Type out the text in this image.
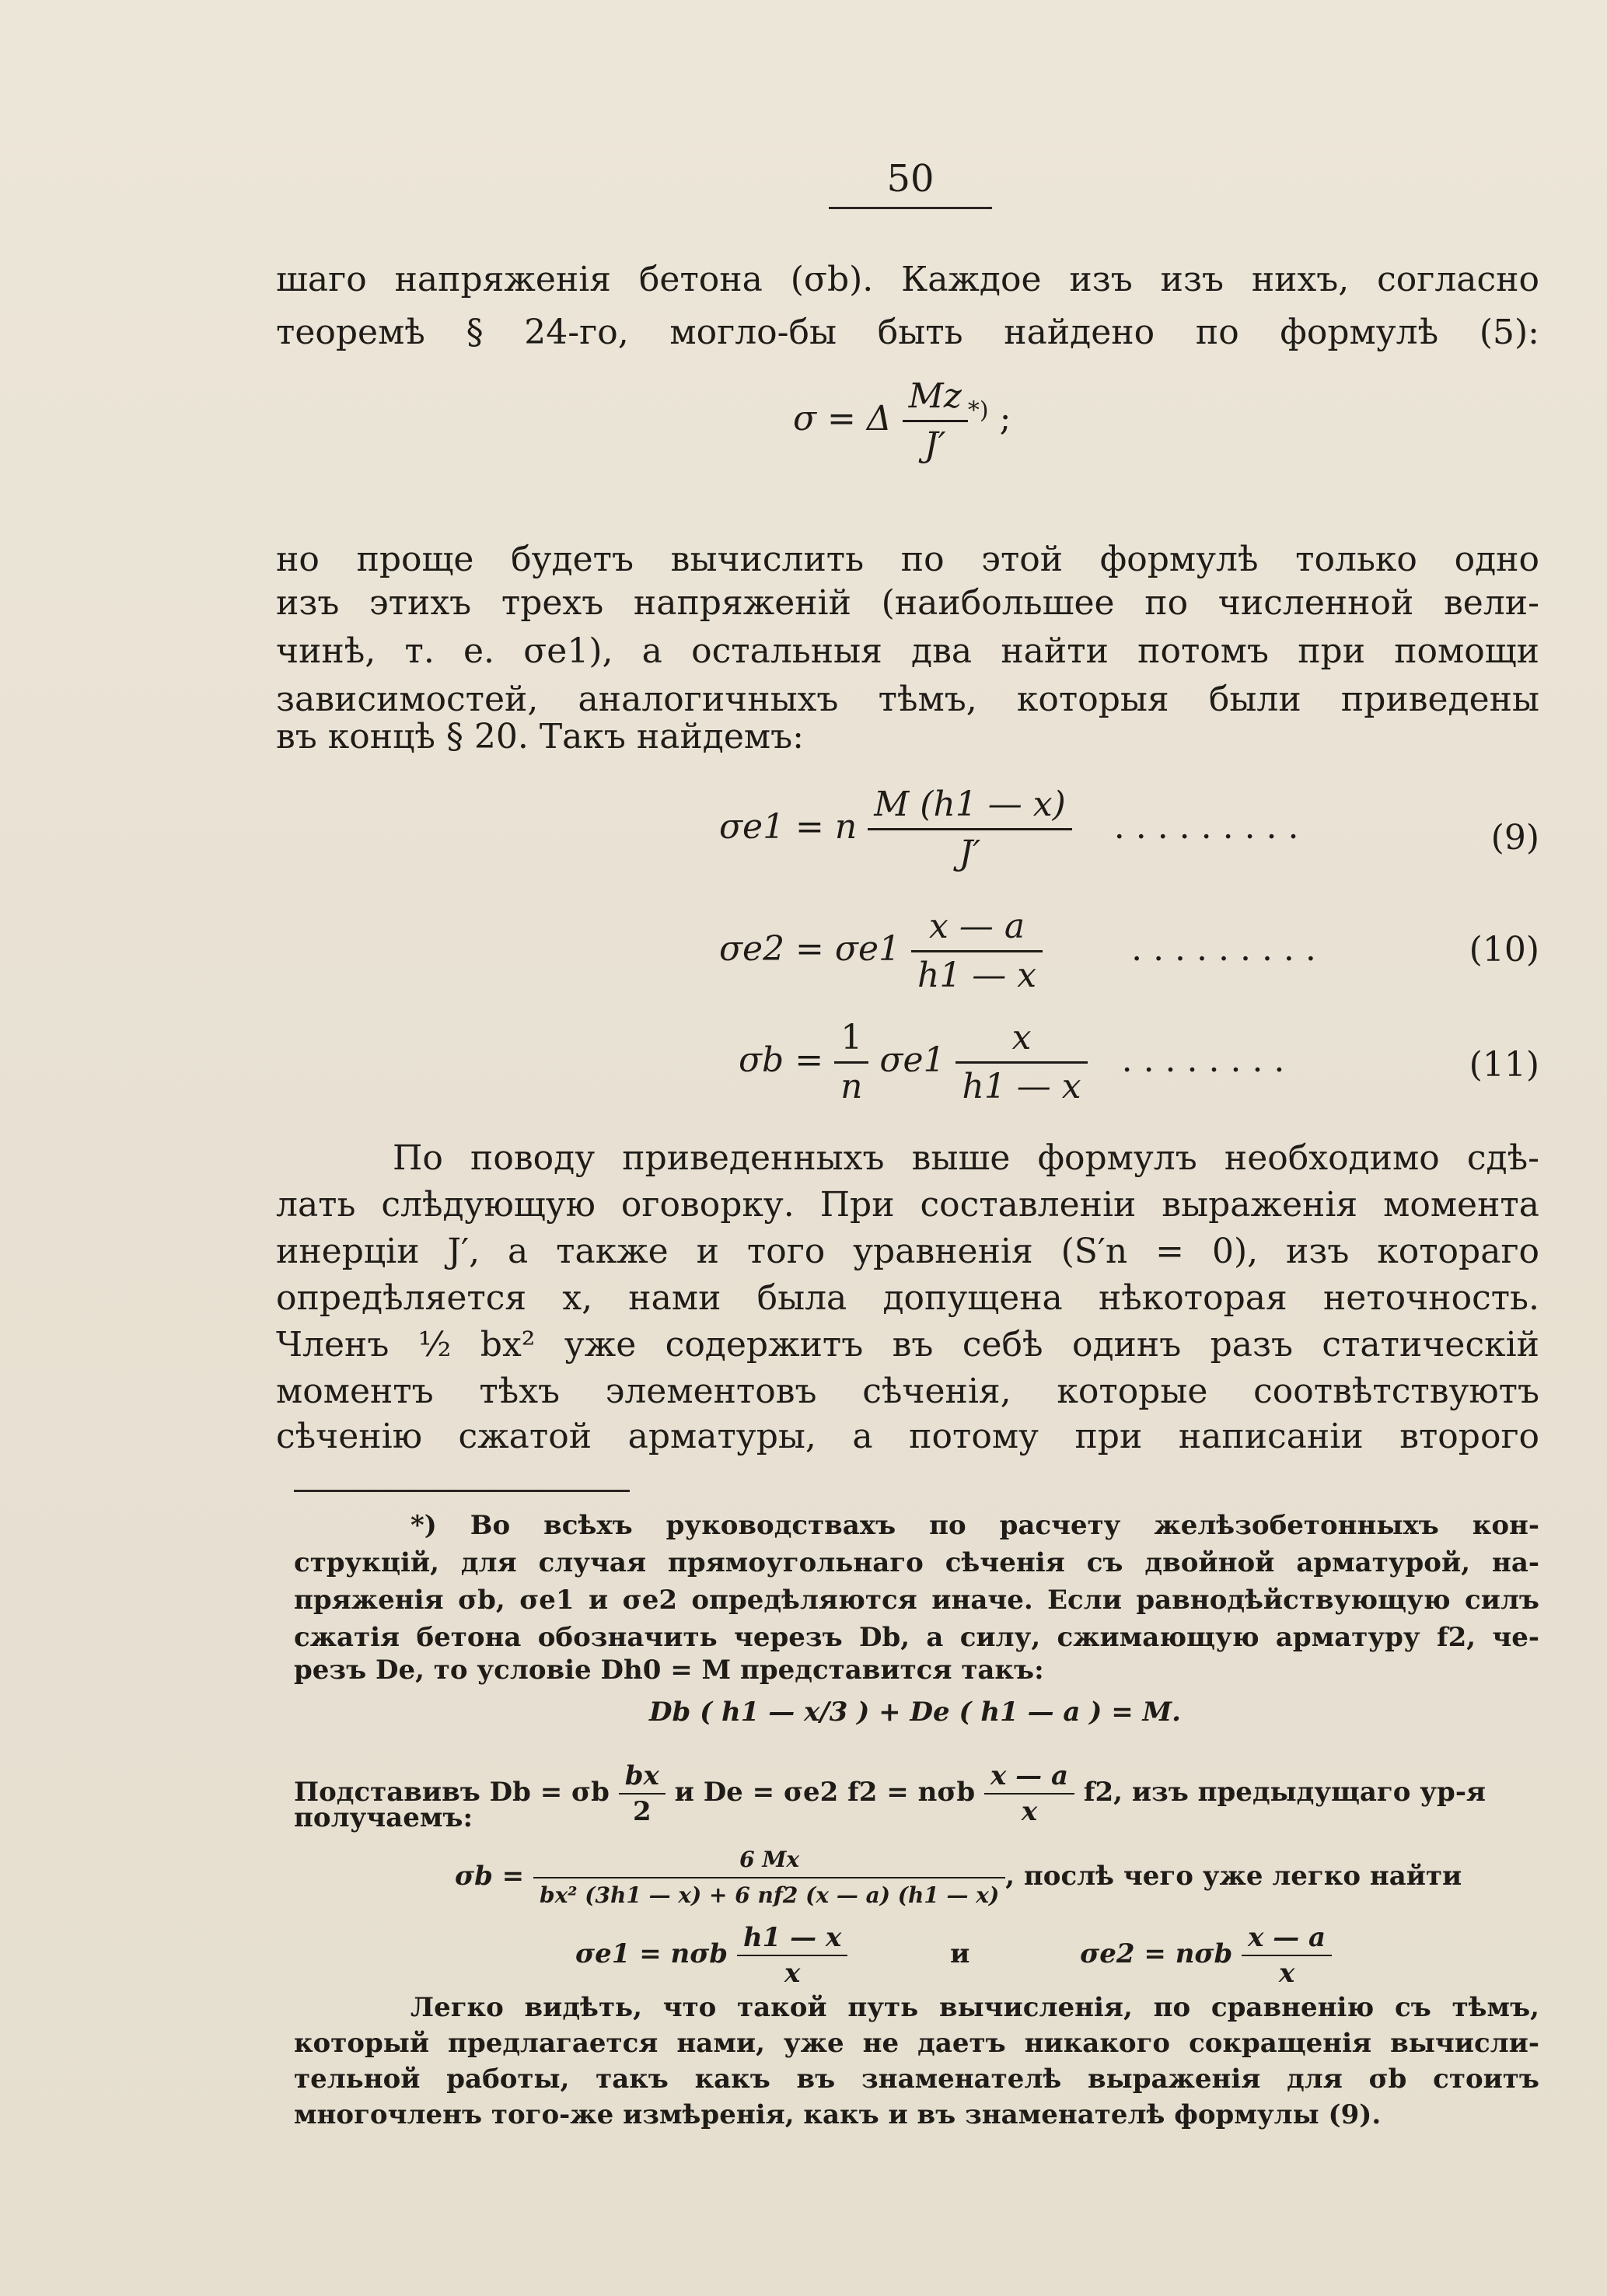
50
шаго напряженія бетона (σb). Каждое изъ изъ нихъ, согласно
теоремѣ § 24-го, могло-бы быть найдено по формулѣ (5):
σ = Δ $\frac{Mz}{J'} ^{*)}$ ;
но проще будетъ вычислить по этой формулѣ только одно
изъ этихъ трехъ напряженій (наибольшее по численной вели-
чинѣ, т. е. σe1), а остальныя два найти потомъ при помощи
зависимостей, аналогичныхъ тѣмъ, которыя были приведены
въ концѣ § 20. Такъ найдемъ:
σe1 = n $\frac{M (h1 — x)}{J'}$ . . . . . . . . .	(9)
$\sigma e2 = \sigma e1 \frac{x — a}{h1 — x}$	. . . . . . . . .	(10)
$\sigma b = \frac{1}{n} \sigma e1 \frac{x}{h1 — x}$ . . . . . . . .	(11)
По поводу приведенныхъ выше формулъ необходимо сдѣ-
лать слѣдующую оговорку. При составленіи выраженія момента
инерціи J′, а также и того уравненія (S′n = 0), изъ котораго
опредѣляется x, нами была допущена нѣкоторая неточность.
Членъ ½ bx² уже содержитъ въ себѣ одинъ разъ статическій
моментъ тѣхъ элементовъ сѣченія, которые соотвѣтствуютъ
сѣченію сжатой арматуры, а потому при написаніи второго
*) Во всѣхъ руководствахъ по расчету желѣзобетонныхъ кон-
струкцій, для случая прямоугольнаго сѣченія съ двойной арматурой, на-
пряженія σb, σe1 и σe2 опредѣляются иначе. Если равнодѣйствующую силъ
сжатія бетона обозначить черезъ Db, а силу, сжимающую арматуру f2, че-
резъ De, то условіе Dh0 = M представится такъ:
Db ( h1 — x/3 ) + De ( h1 — a ) = M.
Подставивъ Db = σb $\frac{bx}{2}$ и De = σe2 f2 = nσb $\frac{x — a}{x} f2$, изъ предыдущаго ур-я
получаемъ:
$\sigma b = \frac{6 Mx}{\text{bx² (3h1 — x) + 6 nf2 (x — a) (h1 — x)}}$ , послѣ чего уже легко найти
σe1 = nσb $\frac{h1 — x}{x}$	и	σe2 = nσb $\frac{x — a}{x}$
Легко видѣть, что такой путь вычисленія, по сравненію съ тѣмъ,
который предлагается нами, уже не даетъ никакого сокращенія вычисли-
тельной работы, такъ какъ въ знаменателѣ выраженія для σb стоитъ
многочленъ того-же измѣренія, какъ и въ знаменателѣ формулы (9).
